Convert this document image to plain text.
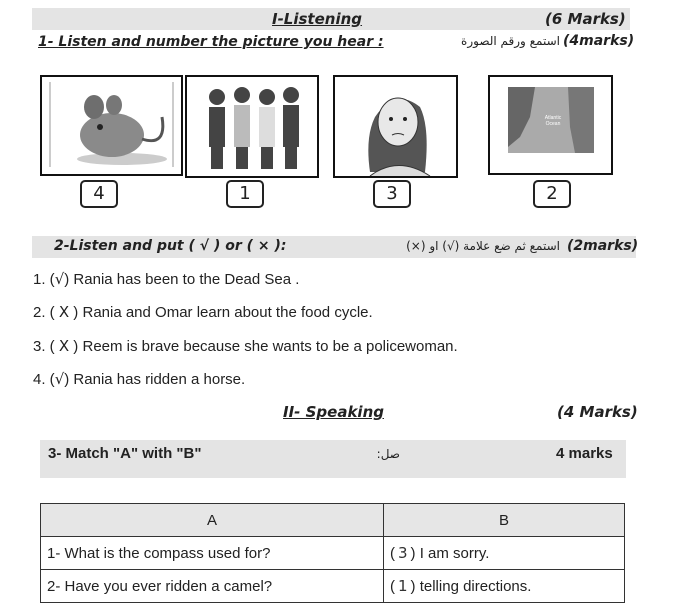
I-Listening	(6 Marks)
1- Listen and number the picture you hear :	استمع ورقم الصورة (4marks)
Atlantic Ocean
4	1	3	2
2-Listen and put ( √ ) or ( × ):	استمع ثم ضع علامة (√) او (×) (2marks)
1. (√) Rania has been to the Dead Sea .
2. ( X ) Rania and Omar learn about the food cycle.
3. ( X ) Reem is brave because she wants to be a policewoman.
4. (√) Rania has ridden a horse.
II- Speaking	(4 Marks)
3- Match "A" with "B"	صل:	4 marks
A	B
1- What is the compass used for?	( 3 ) I am sorry.
2- Have you ever ridden a camel?	( 1 ) telling directions.
